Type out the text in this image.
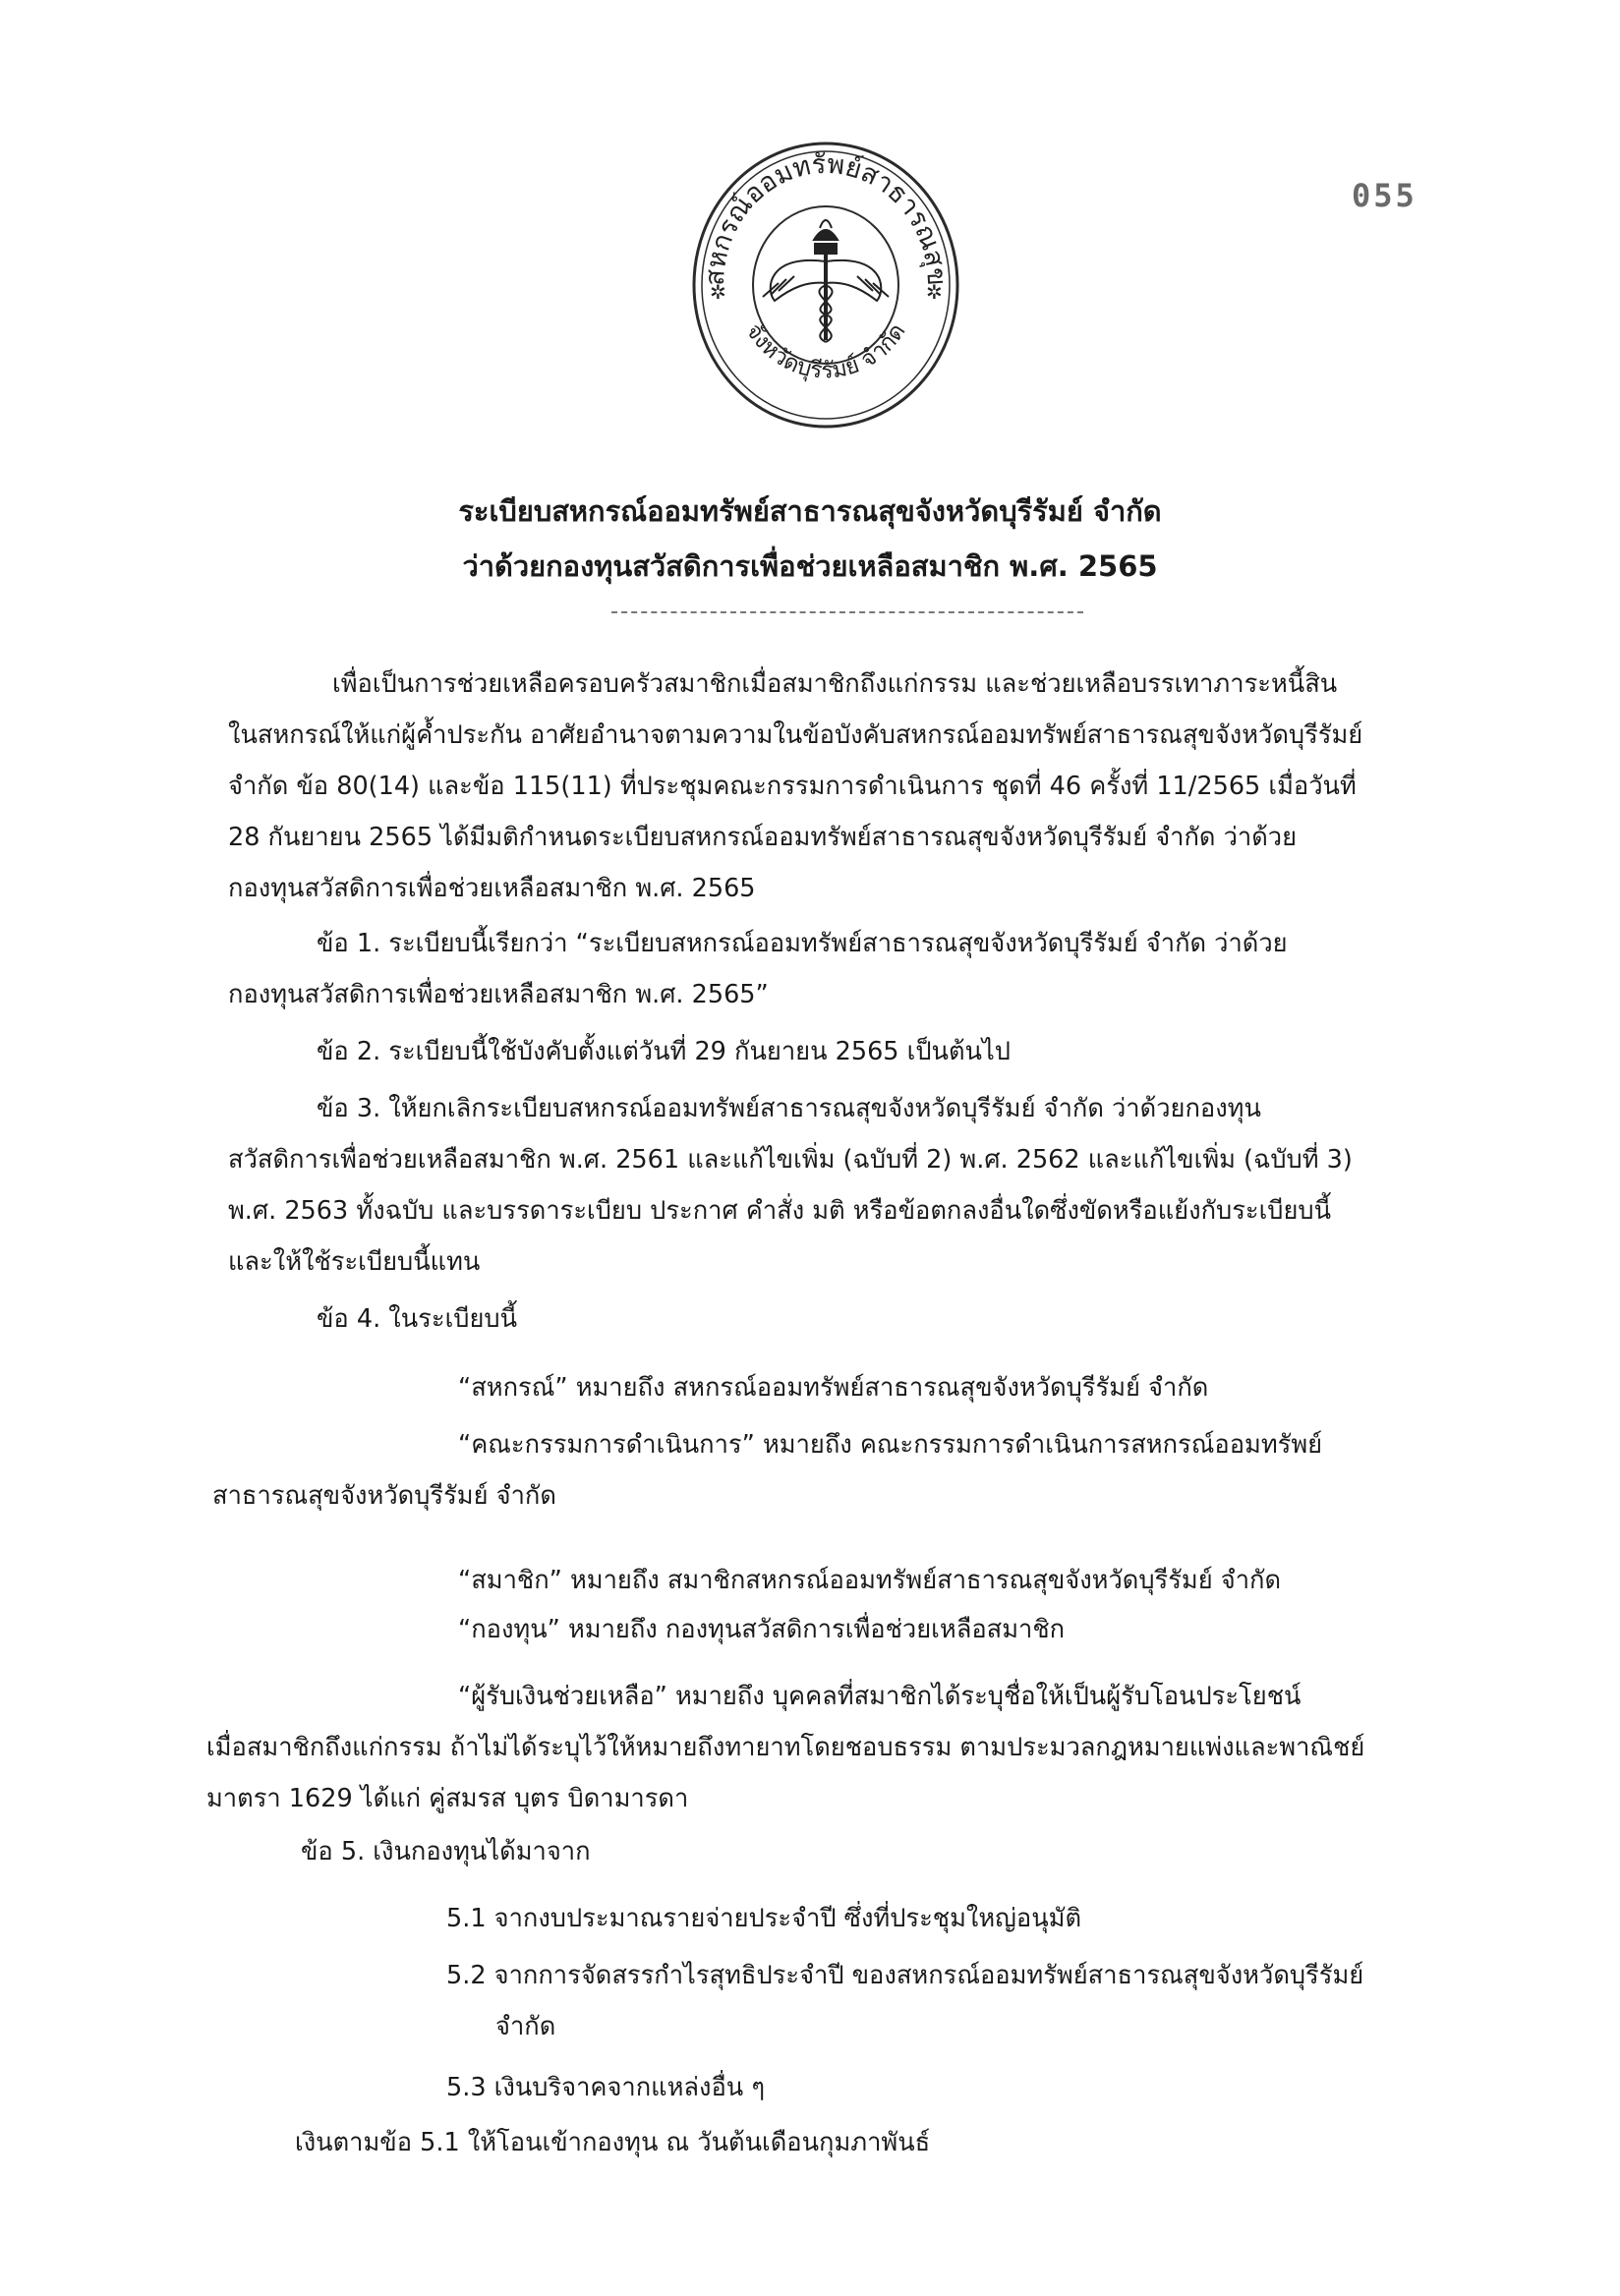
สหกรณ์ออมทรัพย์สาธารณสุข
จังหวัดบุรีรัมย์ จำกัด
✲	✲
055
ระเบียบสหกรณ์ออมทรัพย์สาธารณสุขจังหวัดบุรีรัมย์ จำกัด
ว่าด้วยกองทุนสวัสดิการเพื่อช่วยเหลือสมาชิก พ.ศ. 2565

เพื่อเป็นการช่วยเหลือครอบครัวสมาชิกเมื่อสมาชิกถึงแก่กรรม และช่วยเหลือบรรเทาภาระหนี้สิน

ในสหกรณ์ให้แก่ผู้ค้ำประกัน อาศัยอำนาจตามความในข้อบังคับสหกรณ์ออมทรัพย์สาธารณสุขจังหวัดบุรีรัมย์

จำกัด ข้อ 80(14) และข้อ 115(11) ที่ประชุมคณะกรรมการดำเนินการ ชุดที่ 46 ครั้งที่ 11/2565 เมื่อวันที่

28 กันยายน 2565 ได้มีมติกำหนดระเบียบสหกรณ์ออมทรัพย์สาธารณสุขจังหวัดบุรีรัมย์ จำกัด ว่าด้วย

กองทุนสวัสดิการเพื่อช่วยเหลือสมาชิก พ.ศ. 2565

ข้อ 1. ระเบียบนี้เรียกว่า “ระเบียบสหกรณ์ออมทรัพย์สาธารณสุขจังหวัดบุรีรัมย์ จำกัด ว่าด้วย

กองทุนสวัสดิการเพื่อช่วยเหลือสมาชิก พ.ศ. 2565”

ข้อ 2. ระเบียบนี้ใช้บังคับตั้งแต่วันที่ 29 กันยายน 2565 เป็นต้นไป

ข้อ 3. ให้ยกเลิกระเบียบสหกรณ์ออมทรัพย์สาธารณสุขจังหวัดบุรีรัมย์ จำกัด ว่าด้วยกองทุน

สวัสดิการเพื่อช่วยเหลือสมาชิก พ.ศ. 2561 และแก้ไขเพิ่ม (ฉบับที่ 2) พ.ศ. 2562 และแก้ไขเพิ่ม (ฉบับที่ 3)

พ.ศ. 2563 ทั้งฉบับ และบรรดาระเบียบ ประกาศ คำสั่ง มติ หรือข้อตกลงอื่นใดซึ่งขัดหรือแย้งกับระเบียบนี้

และให้ใช้ระเบียบนี้แทน

ข้อ 4. ในระเบียบนี้

“สหกรณ์” หมายถึง สหกรณ์ออมทรัพย์สาธารณสุขจังหวัดบุรีรัมย์ จำกัด

“คณะกรรมการดำเนินการ” หมายถึง คณะกรรมการดำเนินการสหกรณ์ออมทรัพย์

สาธารณสุขจังหวัดบุรีรัมย์ จำกัด

“สมาชิก” หมายถึง สมาชิกสหกรณ์ออมทรัพย์สาธารณสุขจังหวัดบุรีรัมย์ จำกัด

“กองทุน” หมายถึง กองทุนสวัสดิการเพื่อช่วยเหลือสมาชิก

“ผู้รับเงินช่วยเหลือ” หมายถึง บุคคลที่สมาชิกได้ระบุชื่อให้เป็นผู้รับโอนประโยชน์

เมื่อสมาชิกถึงแก่กรรม ถ้าไม่ได้ระบุไว้ให้หมายถึงทายาทโดยชอบธรรม ตามประมวลกฎหมายแพ่งและพาณิชย์

มาตรา 1629 ได้แก่ คู่สมรส บุตร บิดามารดา

ข้อ 5. เงินกองทุนได้มาจาก

5.1 จากงบประมาณรายจ่ายประจำปี ซึ่งที่ประชุมใหญ่อนุมัติ

5.2 จากการจัดสรรกำไรสุทธิประจำปี ของสหกรณ์ออมทรัพย์สาธารณสุขจังหวัดบุรีรัมย์

จำกัด

5.3 เงินบริจาคจากแหล่งอื่น ๆ

เงินตามข้อ 5.1 ให้โอนเข้ากองทุน ณ วันต้นเดือนกุมภาพันธ์
